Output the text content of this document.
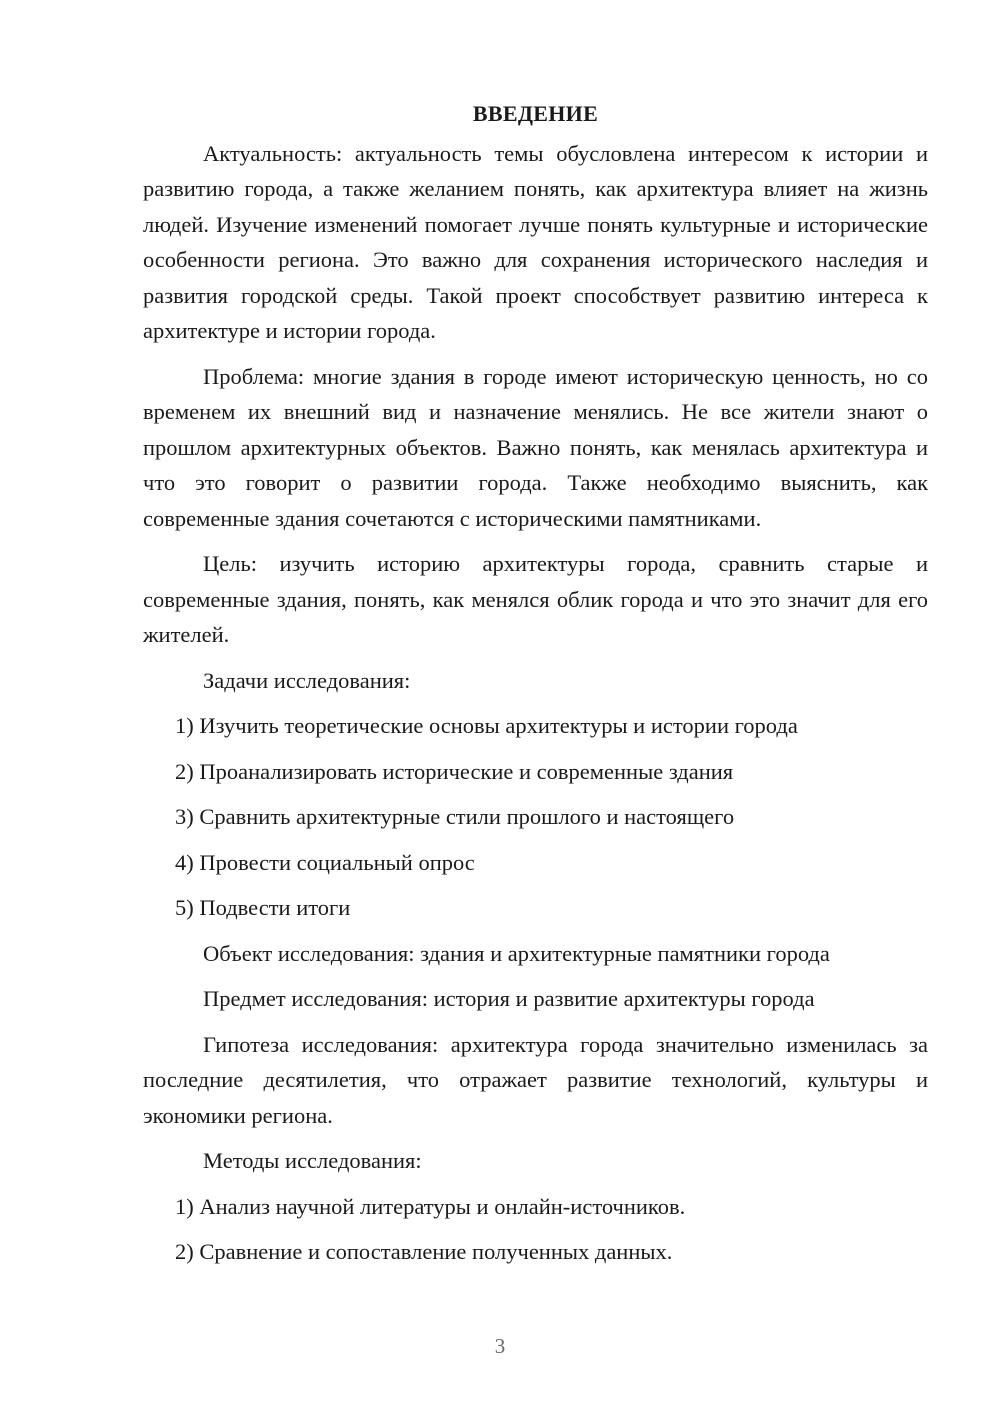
ВВЕДЕНИЕ
Актуальность: актуальность темы обусловлена интересом к истории и развитию города, а также желанием понять, как архитектура влияет на жизнь людей. Изучение изменений помогает лучше понять культурные и исторические особенности региона. Это важно для сохранения исторического наследия и развития городской среды. Такой проект способствует развитию интереса к архитектуре и истории города.
Проблема: многие здания в городе имеют историческую ценность, но со временем их внешний вид и назначение менялись. Не все жители знают о прошлом архитектурных объектов. Важно понять, как менялась архитектура и что это говорит о развитии города. Также необходимо выяснить, как современные здания сочетаются с историческими памятниками.
Цель: изучить историю архитектуры города, сравнить старые и современные здания, понять, как менялся облик города и что это значит для его жителей.
Задачи исследования:
1) Изучить теоретические основы архитектуры и истории города
2) Проанализировать исторические и современные здания
3) Сравнить архитектурные стили прошлого и настоящего
4) Провести социальный опрос
5) Подвести итоги
Объект исследования: здания и архитектурные памятники города
Предмет исследования: история и развитие архитектуры города
Гипотеза исследования: архитектура города значительно изменилась за последние десятилетия, что отражает развитие технологий, культуры и экономики региона.
Методы исследования:
1) Анализ научной литературы и онлайн-источников.
2) Сравнение и сопоставление полученных данных.
3
